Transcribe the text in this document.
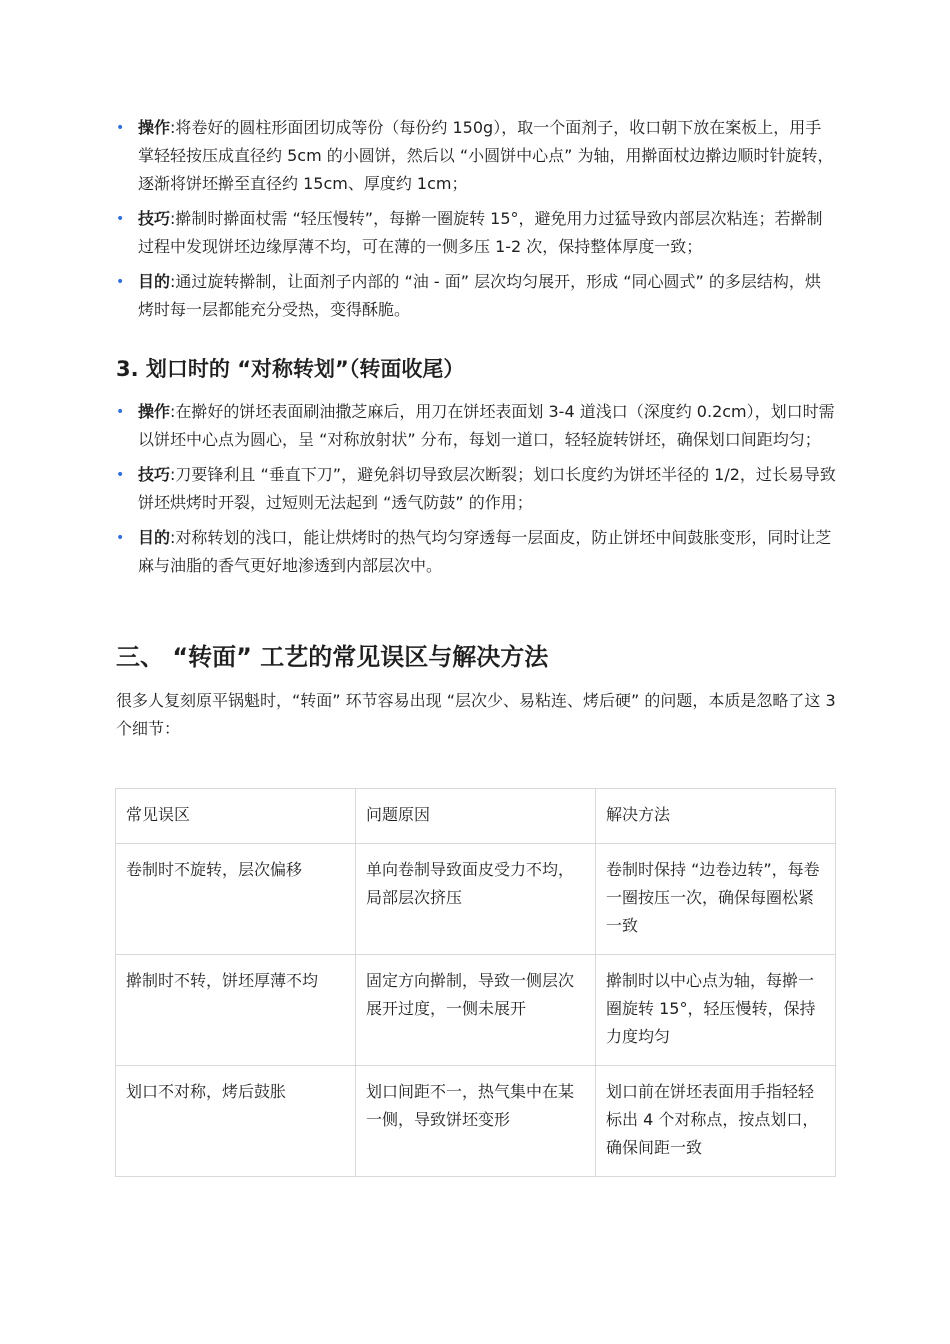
• 操作:将卷好的圆柱形面团切成等份（每份约 150g），取一个面剂子，收口朝下放在案板上，用手掌轻轻按压成直径约 5cm 的小圆饼，然后以 “小圆饼中心点” 为轴，用擀面杖边擀边顺时针旋转，逐渐将饼坯擀至直径约 15cm、厚度约 1cm；
• 技巧:擀制时擀面杖需 “轻压慢转”，每擀一圈旋转 15°，避免用力过猛导致内部层次粘连；若擀制过程中发现饼坯边缘厚薄不均，可在薄的一侧多压 1-2 次，保持整体厚度一致；
• 目的:通过旋转擀制，让面剂子内部的 “油 - 面” 层次均匀展开，形成 “同心圆式” 的多层结构，烘烤时每一层都能充分受热，变得酥脆。
3. 划口时的 “对称转划”（转面收尾）
• 操作:在擀好的饼坯表面刷油撒芝麻后，用刀在饼坯表面划 3-4 道浅口（深度约 0.2cm），划口时需以饼坯中心点为圆心，呈 “对称放射状” 分布，每划一道口，轻轻旋转饼坯，确保划口间距均匀；
• 技巧:刀要锋利且 “垂直下刀”，避免斜切导致层次断裂；划口长度约为饼坯半径的 1/2，过长易导致饼坯烘烤时开裂，过短则无法起到 “透气防鼓” 的作用；
• 目的:对称转划的浅口，能让烘烤时的热气均匀穿透每一层面皮，防止饼坯中间鼓胀变形，同时让芝麻与油脂的香气更好地渗透到内部层次中。
三、 “转面” 工艺的常见误区与解决方法

很多人复刻原平锅魁时，“转面” 环节容易出现 “层次少、易粘连、烤后硬” 的问题，本质是忽略了这 3 个细节：

常见误区	问题原因	解决方法
卷制时不旋转，层次偏移	单向卷制导致面皮受力不均，局部层次挤压	卷制时保持 “边卷边转”，每卷一圈按压一次，确保每圈松紧一致
擀制时不转，饼坯厚薄不均	固定方向擀制，导致一侧层次展开过度，一侧未展开	擀制时以中心点为轴，每擀一圈旋转 15°，轻压慢转，保持力度均匀
划口不对称，烤后鼓胀	划口间距不一，热气集中在某一侧，导致饼坯变形	划口前在饼坯表面用手指轻轻标出 4 个对称点，按点划口，确保间距一致
